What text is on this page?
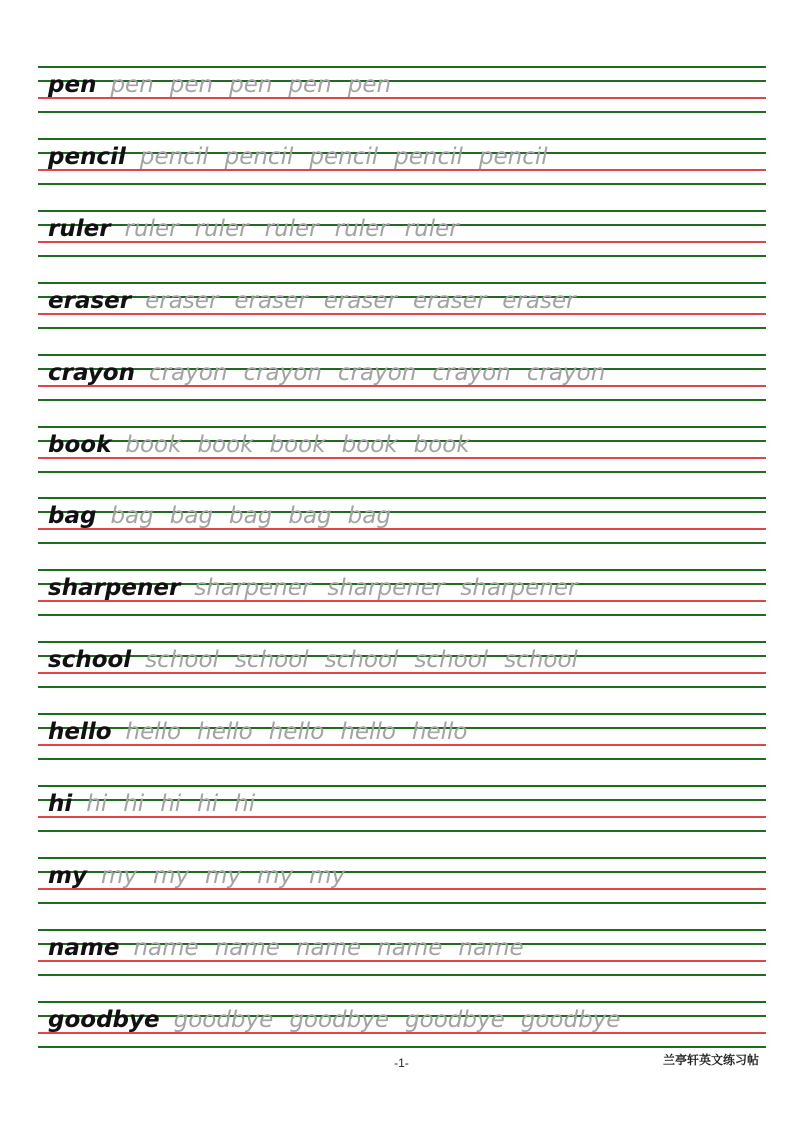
pen pen pen pen pen pen
pencil pencil pencil pencil pencil pencil
ruler ruler ruler ruler ruler ruler
eraser eraser eraser eraser eraser eraser
crayon crayon crayon crayon crayon crayon
book book book book book book
bag bag bag bag bag bag
sharpener sharpener sharpener sharpener
school school school school school school
hello hello hello hello hello hello
hi hi hi hi hi hi
my my my my my my
name name name name name name
goodbye goodbye goodbye goodbye goodbye
-1-	兰亭轩英文练习帖
